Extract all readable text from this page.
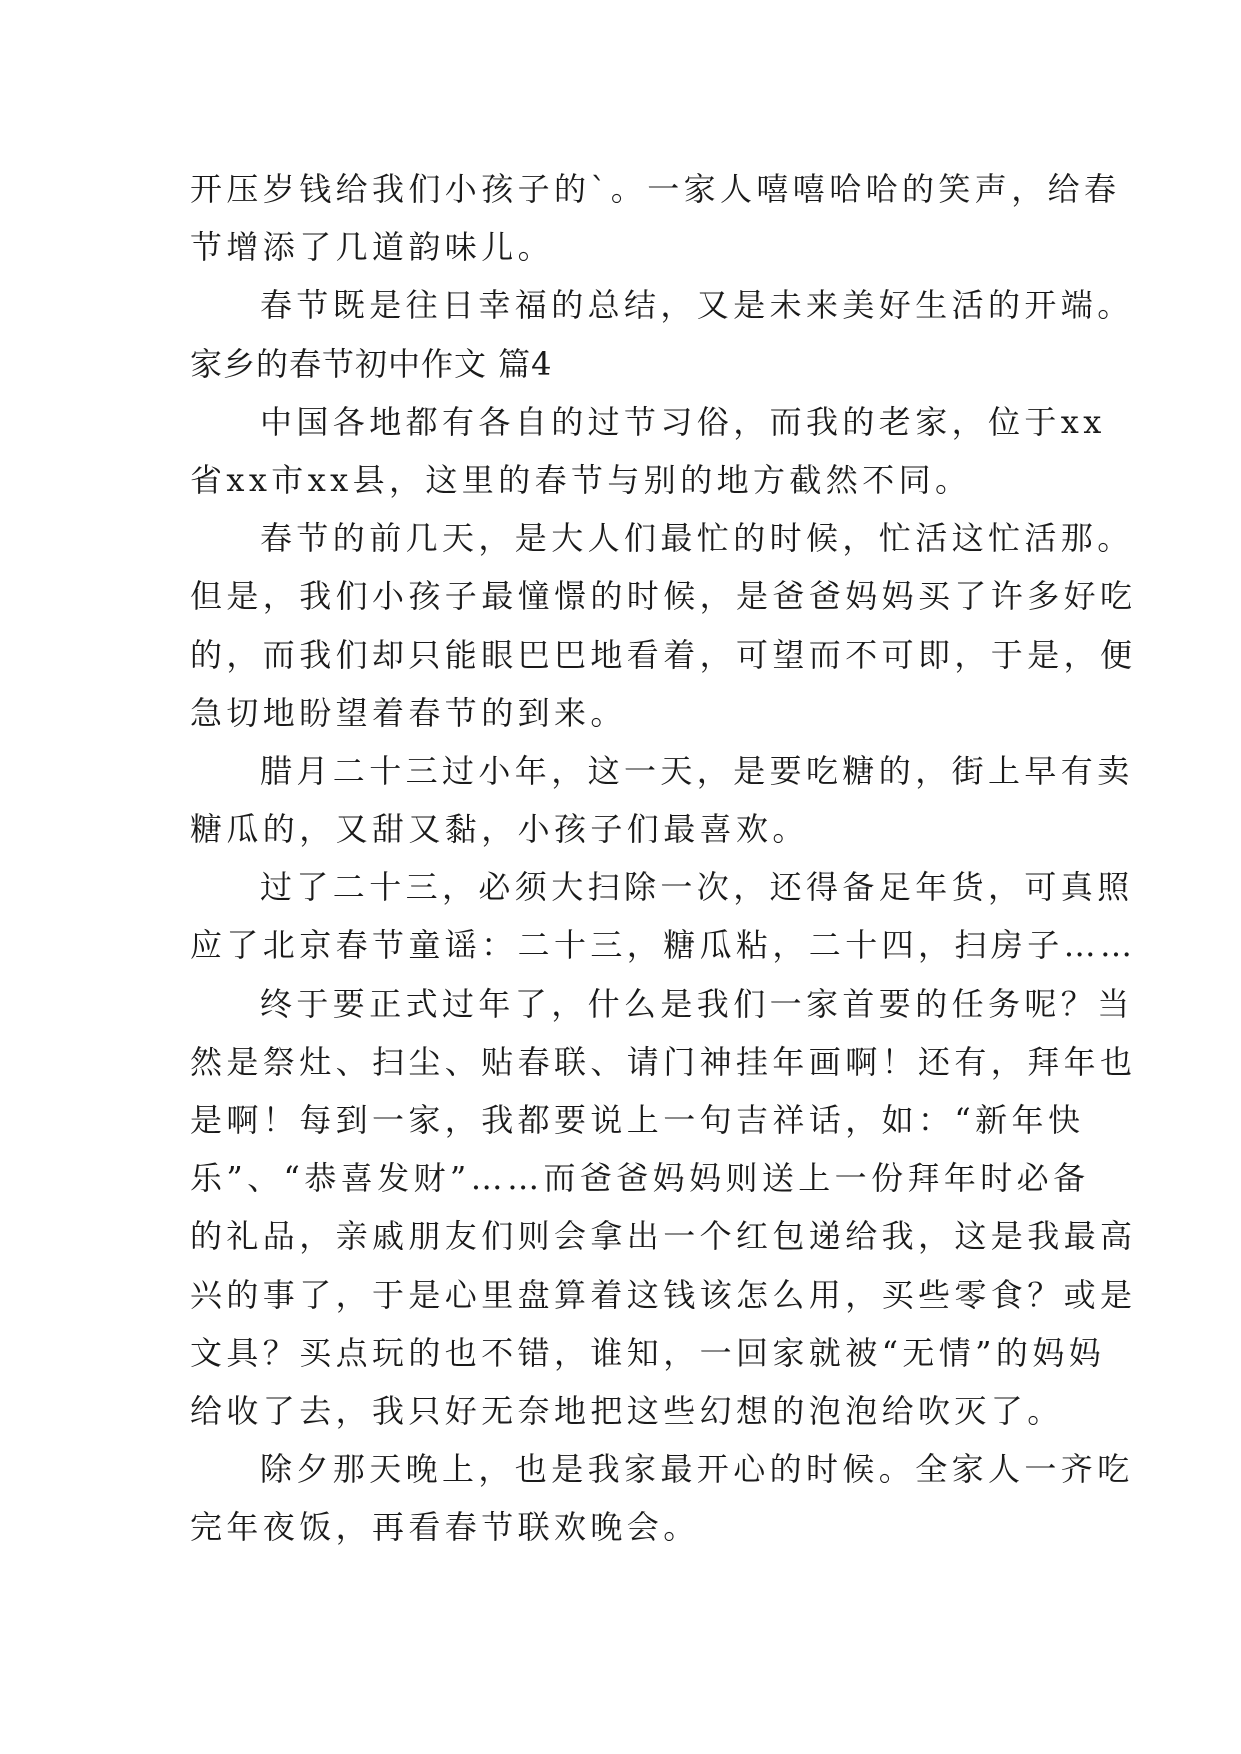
开压岁钱给我们小孩子的`。一家人嘻嘻哈哈的笑声，给春
节增添了几道韵味儿。
春节既是往日幸福的总结，又是未来美好生活的开端。
家乡的春节初中作文 篇4
中国各地都有各自的过节习俗，而我的老家，位于xx
省xx市xx县，这里的春节与别的地方截然不同。
春节的前几天，是大人们最忙的时候，忙活这忙活那。
但是，我们小孩子最憧憬的时候，是爸爸妈妈买了许多好吃
的，而我们却只能眼巴巴地看着，可望而不可即，于是，便
急切地盼望着春节的到来。
腊月二十三过小年，这一天，是要吃糖的，街上早有卖
糖瓜的，又甜又黏，小孩子们最喜欢。
过了二十三，必须大扫除一次，还得备足年货，可真照
应了北京春节童谣：二十三，糖瓜粘，二十四，扫房子……
终于要正式过年了，什么是我们一家首要的任务呢？当
然是祭灶、扫尘、贴春联、请门神挂年画啊！还有，拜年也
是啊！每到一家，我都要说上一句吉祥话，如：“新年快
乐”、“恭喜发财”……而爸爸妈妈则送上一份拜年时必备
的礼品，亲戚朋友们则会拿出一个红包递给我，这是我最高
兴的事了，于是心里盘算着这钱该怎么用，买些零食？或是
文具？买点玩的也不错，谁知，一回家就被“无情”的妈妈
给收了去，我只好无奈地把这些幻想的泡泡给吹灭了。
除夕那天晚上，也是我家最开心的时候。全家人一齐吃
完年夜饭，再看春节联欢晚会。
